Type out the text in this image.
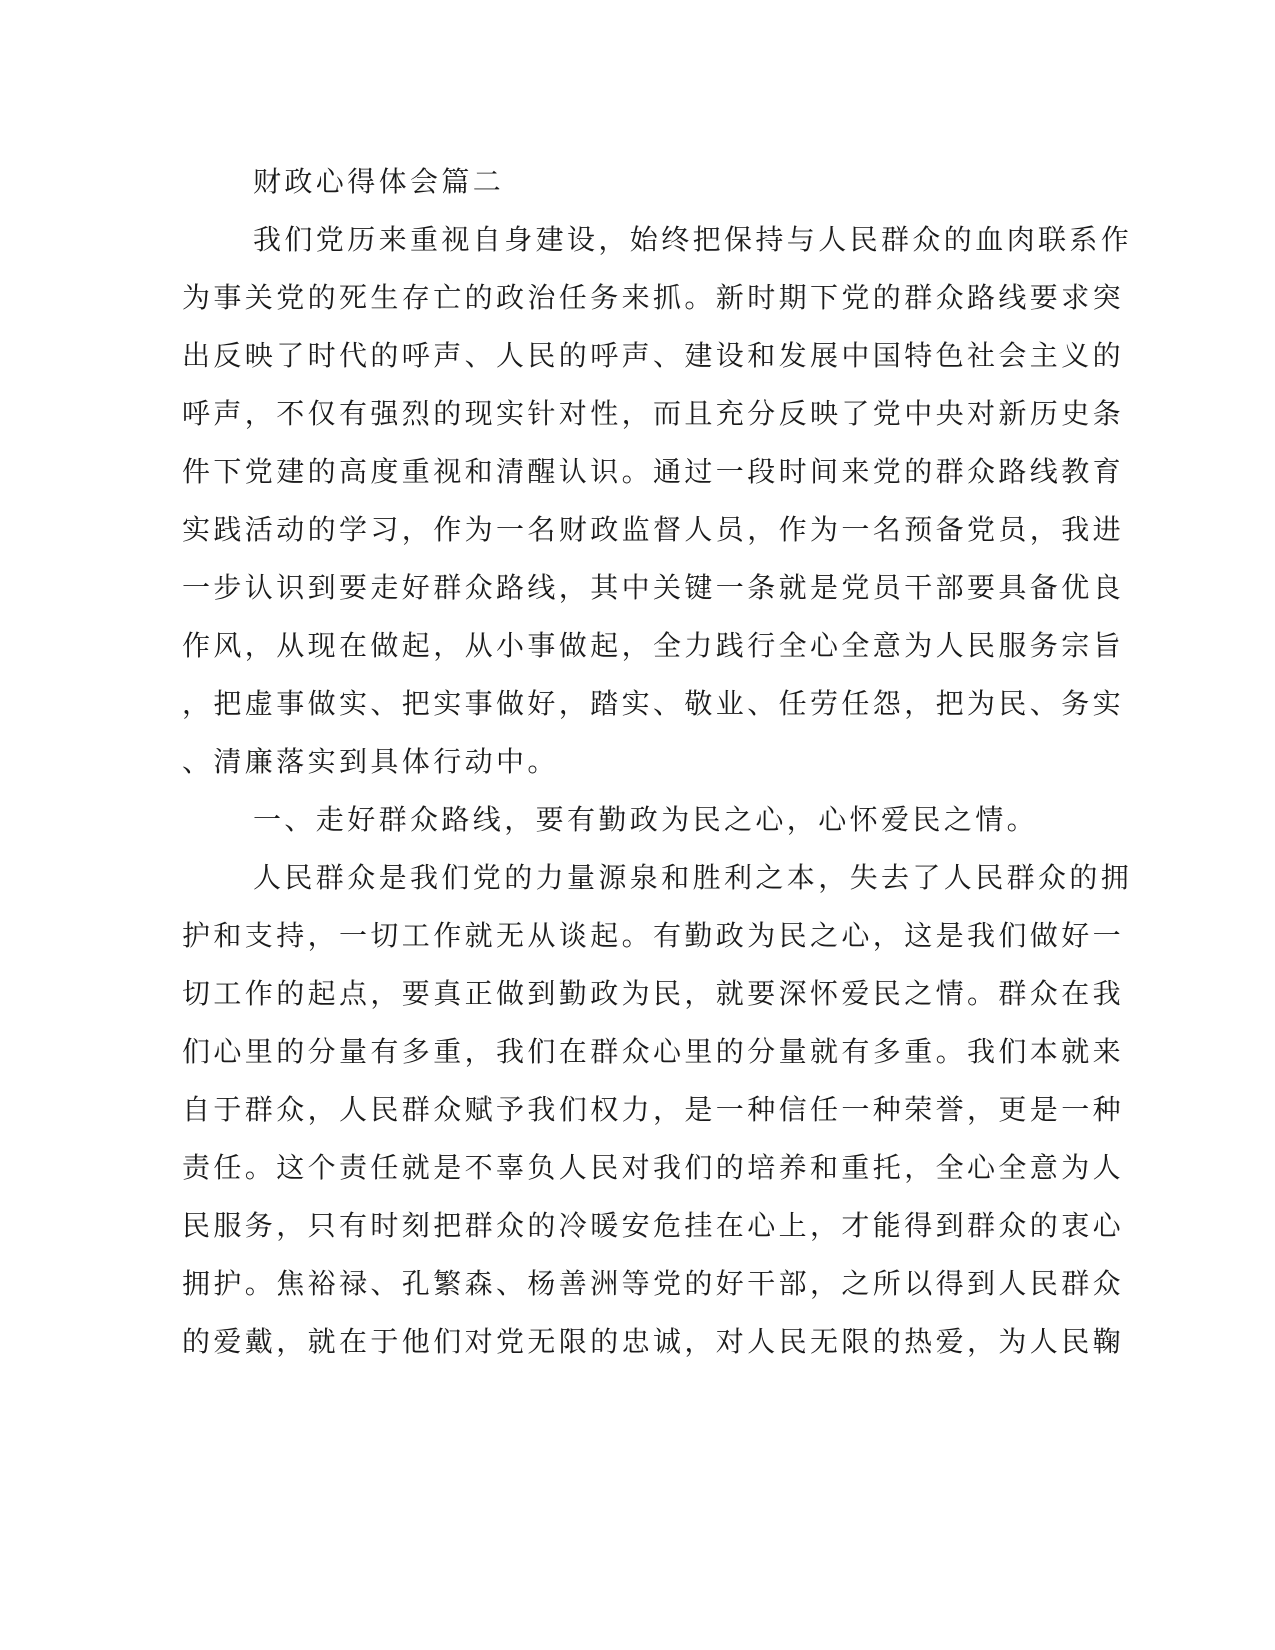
财政心得体会篇二
我们党历来重视自身建设，始终把保持与人民群众的血肉联系作
为事关党的死生存亡的政治任务来抓。新时期下党的群众路线要求突
出反映了时代的呼声、人民的呼声、建设和发展中国特色社会主义的
呼声，不仅有强烈的现实针对性，而且充分反映了党中央对新历史条
件下党建的高度重视和清醒认识。通过一段时间来党的群众路线教育
实践活动的学习，作为一名财政监督人员，作为一名预备党员，我进
一步认识到要走好群众路线，其中关键一条就是党员干部要具备优良
作风，从现在做起，从小事做起，全力践行全心全意为人民服务宗旨
，把虚事做实、把实事做好，踏实、敬业、任劳任怨，把为民、务实
、清廉落实到具体行动中。
一、走好群众路线，要有勤政为民之心，心怀爱民之情。
人民群众是我们党的力量源泉和胜利之本，失去了人民群众的拥
护和支持，一切工作就无从谈起。有勤政为民之心，这是我们做好一
切工作的起点，要真正做到勤政为民，就要深怀爱民之情。群众在我
们心里的分量有多重，我们在群众心里的分量就有多重。我们本就来
自于群众，人民群众赋予我们权力，是一种信任一种荣誉，更是一种
责任。这个责任就是不辜负人民对我们的培养和重托，全心全意为人
民服务，只有时刻把群众的冷暖安危挂在心上，才能得到群众的衷心
拥护。焦裕禄、孔繁森、杨善洲等党的好干部，之所以得到人民群众
的爱戴，就在于他们对党无限的忠诚，对人民无限的热爱，为人民鞠
